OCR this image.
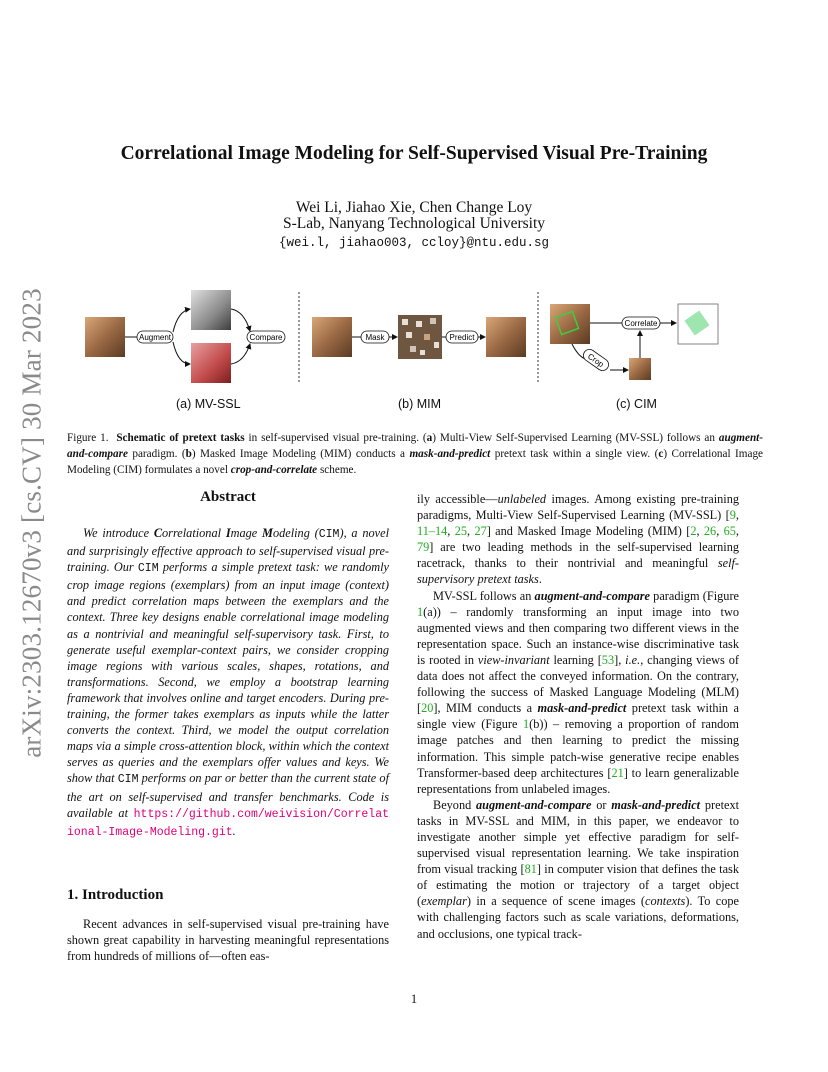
arXiv:2303.12670v3 [cs.CV] 30 Mar 2023
Correlational Image Modeling for Self-Supervised Visual Pre-Training
Wei Li, Jiahao Xie, Chen Change Loy
S-Lab, Nanyang Technological University
{wei.l, jiahao003, ccloy}@ntu.edu.sg
Augment	Compare	Mask	Predict
Correlate
Crop
(a) MV-SSL	(b) MIM	(c) CIM
Figure 1. Schematic of pretext tasks in self-supervised visual pre-training. (a) Multi-View Self-Supervised Learning (MV-SSL) follows an augment-and-compare paradigm. (b) Masked Image Modeling (MIM) conducts a mask-and-predict pretext task within a single view. (c) Correlational Image Modeling (CIM) formulates a novel crop-and-correlate scheme.
Abstract

We introduce Correlational Image Modeling (CIM), a novel and surprisingly effective approach to self-supervised visual pre-training. Our CIM performs a simple pretext task: we randomly crop image regions (exemplars) from an input image (context) and predict correlation maps between the exemplars and the context. Three key designs enable correlational image modeling as a nontrivial and meaningful self-supervisory task. First, to generate useful exemplar-context pairs, we consider cropping image regions with various scales, shapes, rotations, and transformations. Second, we employ a bootstrap learning framework that involves online and target encoders. During pre-training, the former takes exemplars as inputs while the latter converts the context. Third, we model the output correlation maps via a simple cross-attention block, within which the context serves as queries and the exemplars offer values and keys. We show that CIM performs on par or better than the current state of the art on self-supervised and transfer benchmarks. Code is available at https://github.com/weivision/Correlational-Image-Modeling.git.

1. Introduction

Recent advances in self-supervised visual pre-training have shown great capability in harvesting meaningful representations from hundreds of millions of—often eas-

ily accessible—unlabeled images. Among existing pre-training paradigms, Multi-View Self-Supervised Learning (MV-SSL) [9, 11–14, 25, 27] and Masked Image Modeling (MIM) [2, 26, 65, 79] are two leading methods in the self-supervised learning racetrack, thanks to their nontrivial and meaningful self-supervisory pretext tasks.

MV-SSL follows an augment-and-compare paradigm (Figure 1(a)) – randomly transforming an input image into two augmented views and then comparing two different views in the representation space. Such an instance-wise discriminative task is rooted in view-invariant learning [53], i.e., changing views of data does not affect the conveyed information. On the contrary, following the success of Masked Language Modeling (MLM) [20], MIM conducts a mask-and-predict pretext task within a single view (Figure 1(b)) – removing a proportion of random image patches and then learning to predict the missing information. This simple patch-wise generative recipe enables Transformer-based deep architectures [21] to learn generalizable representations from unlabeled images.

Beyond augment-and-compare or mask-and-predict pretext tasks in MV-SSL and MIM, in this paper, we endeavor to investigate another simple yet effective paradigm for self-supervised visual representation learning. We take inspiration from visual tracking [81] in computer vision that defines the task of estimating the motion or trajectory of a target object (exemplar) in a sequence of scene images (contexts). To cope with challenging factors such as scale variations, deformations, and occlusions, one typical track-

1
